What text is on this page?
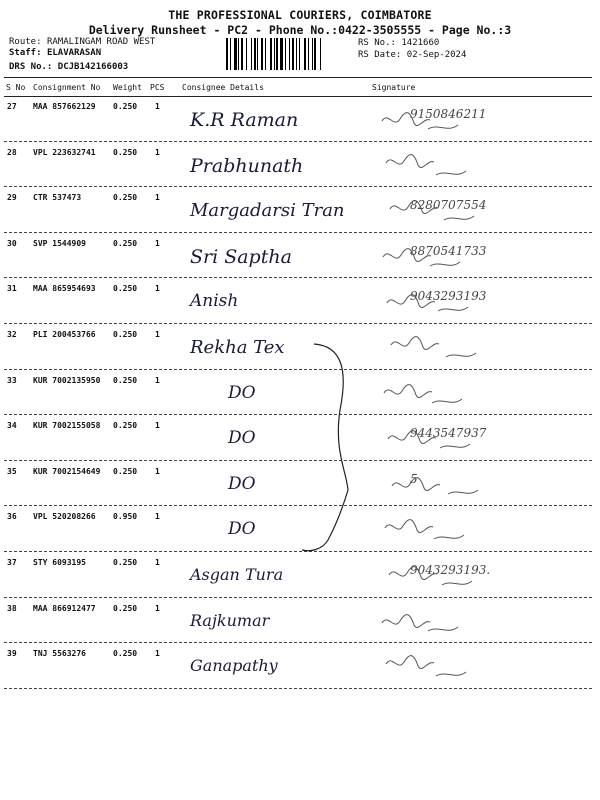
THE PROFESSIONAL COURIERS, COIMBATORE
Delivery Runsheet - PC2 - Phone No.:0422-3505555 - Page No.:3
Route: RAMALINGAM ROAD WEST
Staff: ELAVARASAN
DRS No.: DCJB142166003
RS No.: 1421660
RS Date: 02-Sep-2024
S No Consignment No Weight PCS Consignee Details	Signature
27 MAA 857662129 0.250 1
K.R Raman	9150846211
28 VPL 223632741 0.250 1
Prabhunath
29 CTR 537473	0.250 1
Margadarsi Tran	8280707554
30 SVP 1544909	0.250 1
Sri Saptha	8870541733
31 MAA 865954693 0.250 1
Anish	9043293193
32 PLI 200453766 0.250 1
Rekha Tex
33 KUR 7002135950 0.250 1
DO
34 KUR 7002155058 0.250 1
DO	9443547937
35 KUR 7002154649 0.250 1
DO	5
36 VPL 520208266 0.950 1
DO
37 STY 6093195	0.250 1
Asgan Tura	9043293193.
38 MAA 866912477 0.250 1
Rajkumar
39 TNJ 5563276	0.250 1
Ganapathy
